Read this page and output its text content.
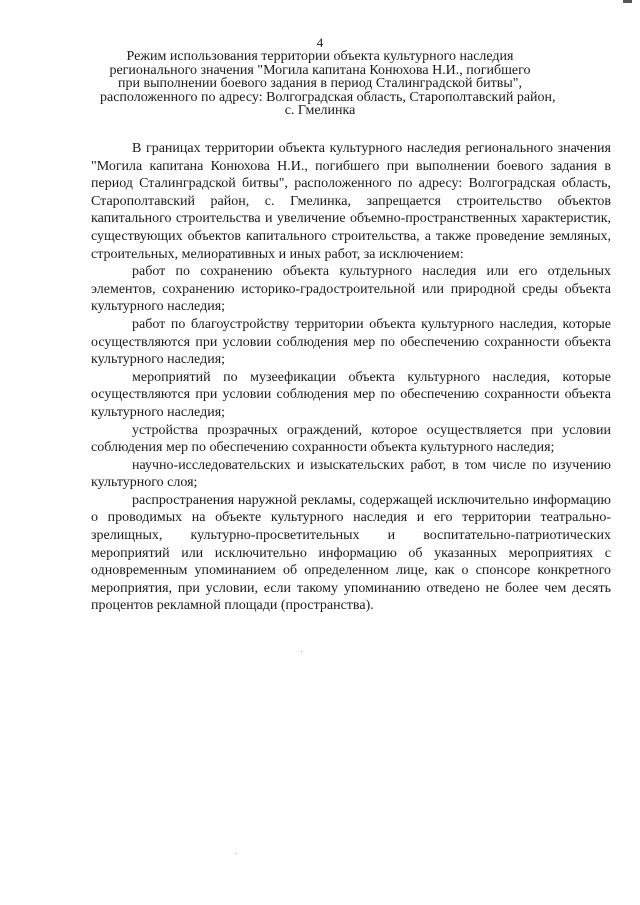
4
Режим использования территории объекта культурного наследия
регионального значения "Могила капитана Конюхова Н.И., погибшего
при выполнении боевого задания в период Сталинградской битвы",
расположенного по адресу: Волгоградская область, Старополтавский район,
с. Гмелинка

В границах территории объекта культурного наследия регионального значения "Могила капитана Конюхова Н.И., погибшего при выполнении боевого задания в период Сталинградской битвы", расположенного по адресу: Волгоградская область, Старополтавский район, с. Гмелинка, запрещается строительство объектов капитального строительства и увеличение объемно-пространственных характеристик, существующих объектов капитального строительства, а также проведение земляных, строительных, мелиоративных и иных работ, за исключением:

работ по сохранению объекта культурного наследия или его отдельных элементов, сохранению историко-градостроительной или природной среды объекта культурного наследия;

работ по благоустройству территории объекта культурного наследия, которые осуществляются при условии соблюдения мер по обеспечению сохранности объекта культурного наследия;

мероприятий по музеефикации объекта культурного наследия, которые осуществляются при условии соблюдения мер по обеспечению сохранности объекта культурного наследия;

устройства прозрачных ограждений, которое осуществляется при условии соблюдения мер по обеспечению сохранности объекта культурного наследия;

научно-исследовательских и изыскательских работ, в том числе по изучению культурного слоя;

распространения наружной рекламы, содержащей исключительно информацию о проводимых на объекте культурного наследия и его территории театрально-зрелищных, культурно-просветительных и воспитательно-патриотических мероприятий или исключительно информацию об указанных мероприятиях с одновременным упоминанием об определенном лице, как о спонсоре конкретного мероприятия, при условии, если такому упоминанию отведено не более чем десять процентов рекламной площади (пространства).
